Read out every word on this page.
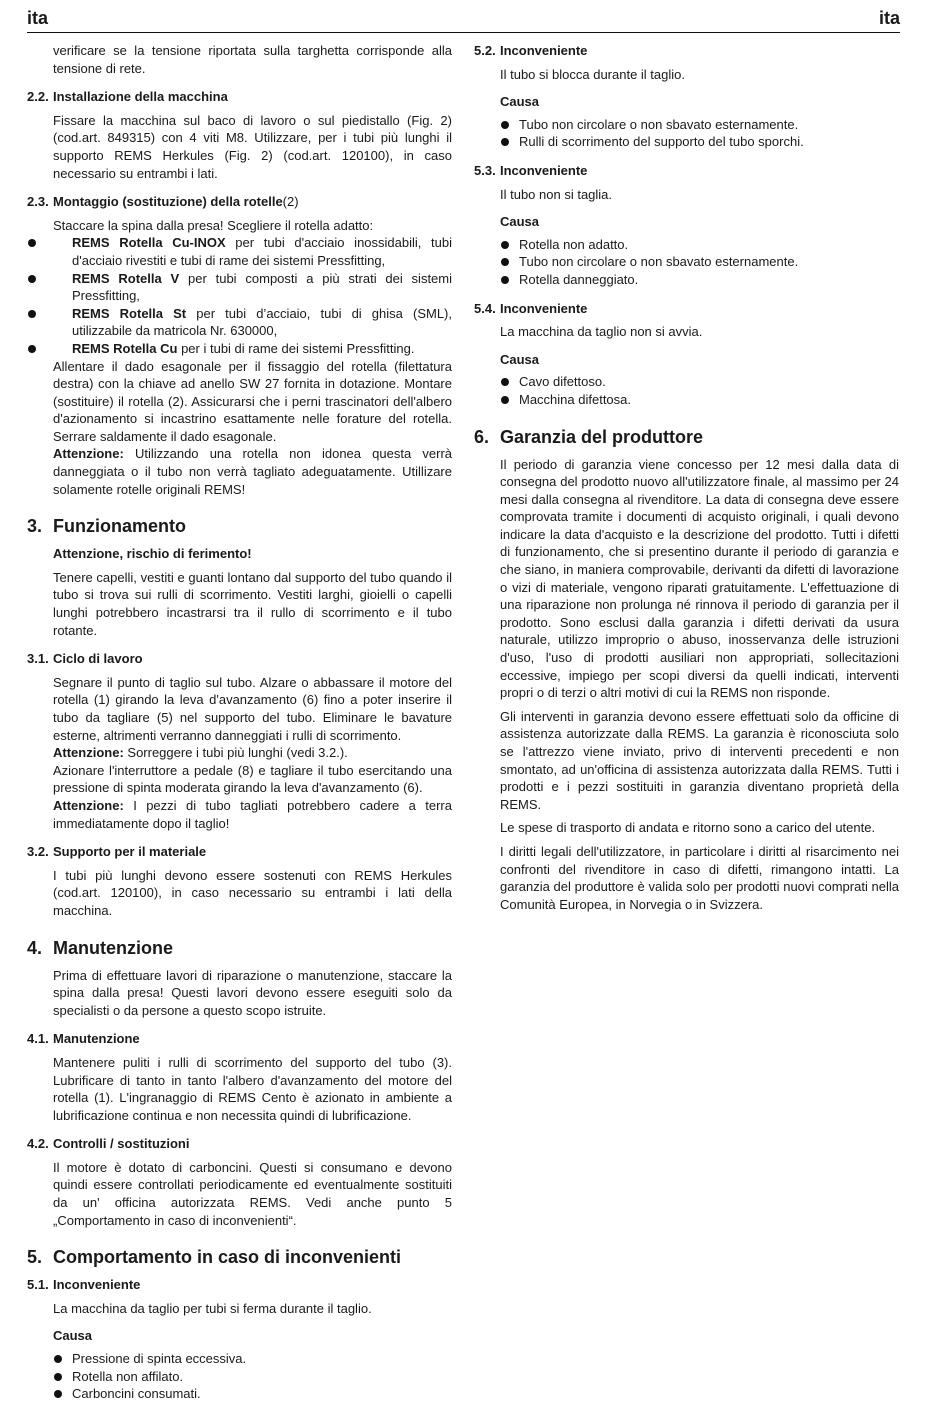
ita	ita

verificare se la tensione riportata sulla targhetta corrisponde alla tensione di rete.

2.2. Installazione della macchina

Fissare la macchina sul baco di lavoro o sul piedistallo (Fig. 2) (cod.art. 849315) con 4 viti M8. Utilizzare, per i tubi più lunghi il supporto REMS Herkules (Fig. 2) (cod.art. 120100), in caso necessario su entrambi i lati.

2.3. Montaggio (sostituzione) della rotelle (2)

Staccare la spina dalla presa! Scegliere il rotella adatto:

REMS Rotella Cu-INOX per tubi d'acciaio inossidabili, tubi d'acciaio rivestiti e tubi di rame dei sistemi Pressfitting,
REMS Rotella V per tubi composti a più strati dei sistemi Pressfitting,
REMS Rotella St per tubi d’acciaio, tubi di ghisa (SML), utilizzabile da matricola Nr. 630000,
REMS Rotella Cu per i tubi di rame dei sistemi Pressfitting.

Allentare il dado esagonale per il fissaggio del rotella (filettatura destra) con la chiave ad anello SW 27 fornita in dotazione. Montare (sostituire) il rotella (2). Assicurarsi che i perni trascinatori dell'albero d'azionamento si incastrino esattamente nelle forature del rotella. Serrare saldamente il dado esagonale.

Attenzione: Utilizzando una rotella non idonea questa verrà danneggiata o il tubo non verrà tagliato adeguatamente. Utillizare solamente rotelle originali REMS!

3. Funzionamento

Attenzione, rischio di ferimento!

Tenere capelli, vestiti e guanti lontano dal supporto del tubo quando il tubo si trova sui rulli di scorrimento. Vestiti larghi, gioielli o capelli lunghi potrebbero incastrarsi tra il rullo di scorrimento e il tubo rotante.

3.1. Ciclo di lavoro

Segnare il punto di taglio sul tubo. Alzare o abbassare il motore del rotella (1) girando la leva d'avanzamento (6) fino a poter inserire il tubo da tagliare (5) nel supporto del tubo. Eliminare le bavature esterne, altrimenti verranno danneggiati i rulli di scorrimento.

Attenzione: Sorreggere i tubi più lunghi (vedi 3.2.).

Azionare l'interruttore a pedale (8) e tagliare il tubo esercitando una pressione di spinta moderata girando la leva d'avanzamento (6).

Attenzione: I pezzi di tubo tagliati potrebbero cadere a terra immediatamente dopo il taglio!

3.2. Supporto per il materiale

I tubi più lunghi devono essere sostenuti con REMS Herkules (cod.art. 120100), in caso necessario su entrambi i lati della macchina.

4. Manutenzione

Prima di effettuare lavori di riparazione o manutenzione, staccare la spina dalla presa! Questi lavori devono essere eseguiti solo da specialisti o da persone a questo scopo istruite.

4.1. Manutenzione

Mantenere puliti i rulli di scorrimento del supporto del tubo (3). Lubrificare di tanto in tanto l'albero d'avanzamento del motore del rotella (1). L'ingranaggio di REMS Cento è azionato in ambiente a lubrificazione continua e non necessita quindi di lubrificazione.

4.2. Controlli / sostituzioni

Il motore è dotato di carboncini. Questi si consumano e devono quindi essere controllati periodicamente ed eventualmente sostituiti da un' officina autorizzata REMS. Vedi anche punto 5 „Comportamento in caso di inconvenienti“.

5. Comportamento in caso di inconvenienti
5.1. Inconveniente

La macchina da taglio per tubi si ferma durante il taglio.

Causa
Pressione di spinta eccessiva.
Rotella non affilato.
Carboncini consumati.
5.2. Inconveniente

Il tubo si blocca durante il taglio.

Causa
Tubo non circolare o non sbavato esternamente.
Rulli di scorrimento del supporto del tubo sporchi.
5.3. Inconveniente

Il tubo non si taglia.

Causa
Rotella non adatto.
Tubo non circolare o non sbavato esternamente.
Rotella danneggiato.
5.4. Inconveniente

La macchina da taglio non si avvia.

Causa
Cavo difettoso.
Macchina difettosa.
6. Garanzia del produttore

Il periodo di garanzia viene concesso per 12 mesi dalla data di consegna del prodotto nuovo all'utilizzatore finale, al massimo per 24 mesi dalla consegna al rivenditore. La data di consegna deve essere comprovata tramite i documenti di acquisto originali, i quali devono indicare la data d'acquisto e la descrizione del prodotto. Tutti i difetti di funzionamento, che si presentino durante il periodo di garanzia e che siano, in maniera comprovabile, derivanti da difetti di lavorazione o vizi di materiale, vengono riparati gratuitamente. L'effettuazione di una riparazione non prolunga né rinnova il periodo di garanzia per il prodotto. Sono esclusi dalla garanzia i difetti derivati da usura naturale, utilizzo improprio o abuso, inosservanza delle istruzioni d'uso, l'uso di prodotti ausiliari non appropriati, sollecitazioni eccessive, impiego per scopi diversi da quelli indicati, interventi propri o di terzi o altri motivi di cui la REMS non risponde.

Gli interventi in garanzia devono essere effettuati solo da officine di assistenza autorizzate dalla REMS. La garanzia è riconosciuta solo se l'attrezzo viene inviato, privo di interventi precedenti e non smontato, ad un'officina di assistenza autorizzata dalla REMS. Tutti i prodotti e i pezzi sostituiti in garanzia diventano proprietà della REMS.

Le spese di trasporto di andata e ritorno sono a carico del utente.

I diritti legali dell'utilizzatore, in particolare i diritti al risarcimento nei confronti del rivenditore in caso di difetti, rimangono intatti. La garanzia del produttore è valida solo per prodotti nuovi comprati nella Comunità Europea, in Norvegia o in Svizzera.
